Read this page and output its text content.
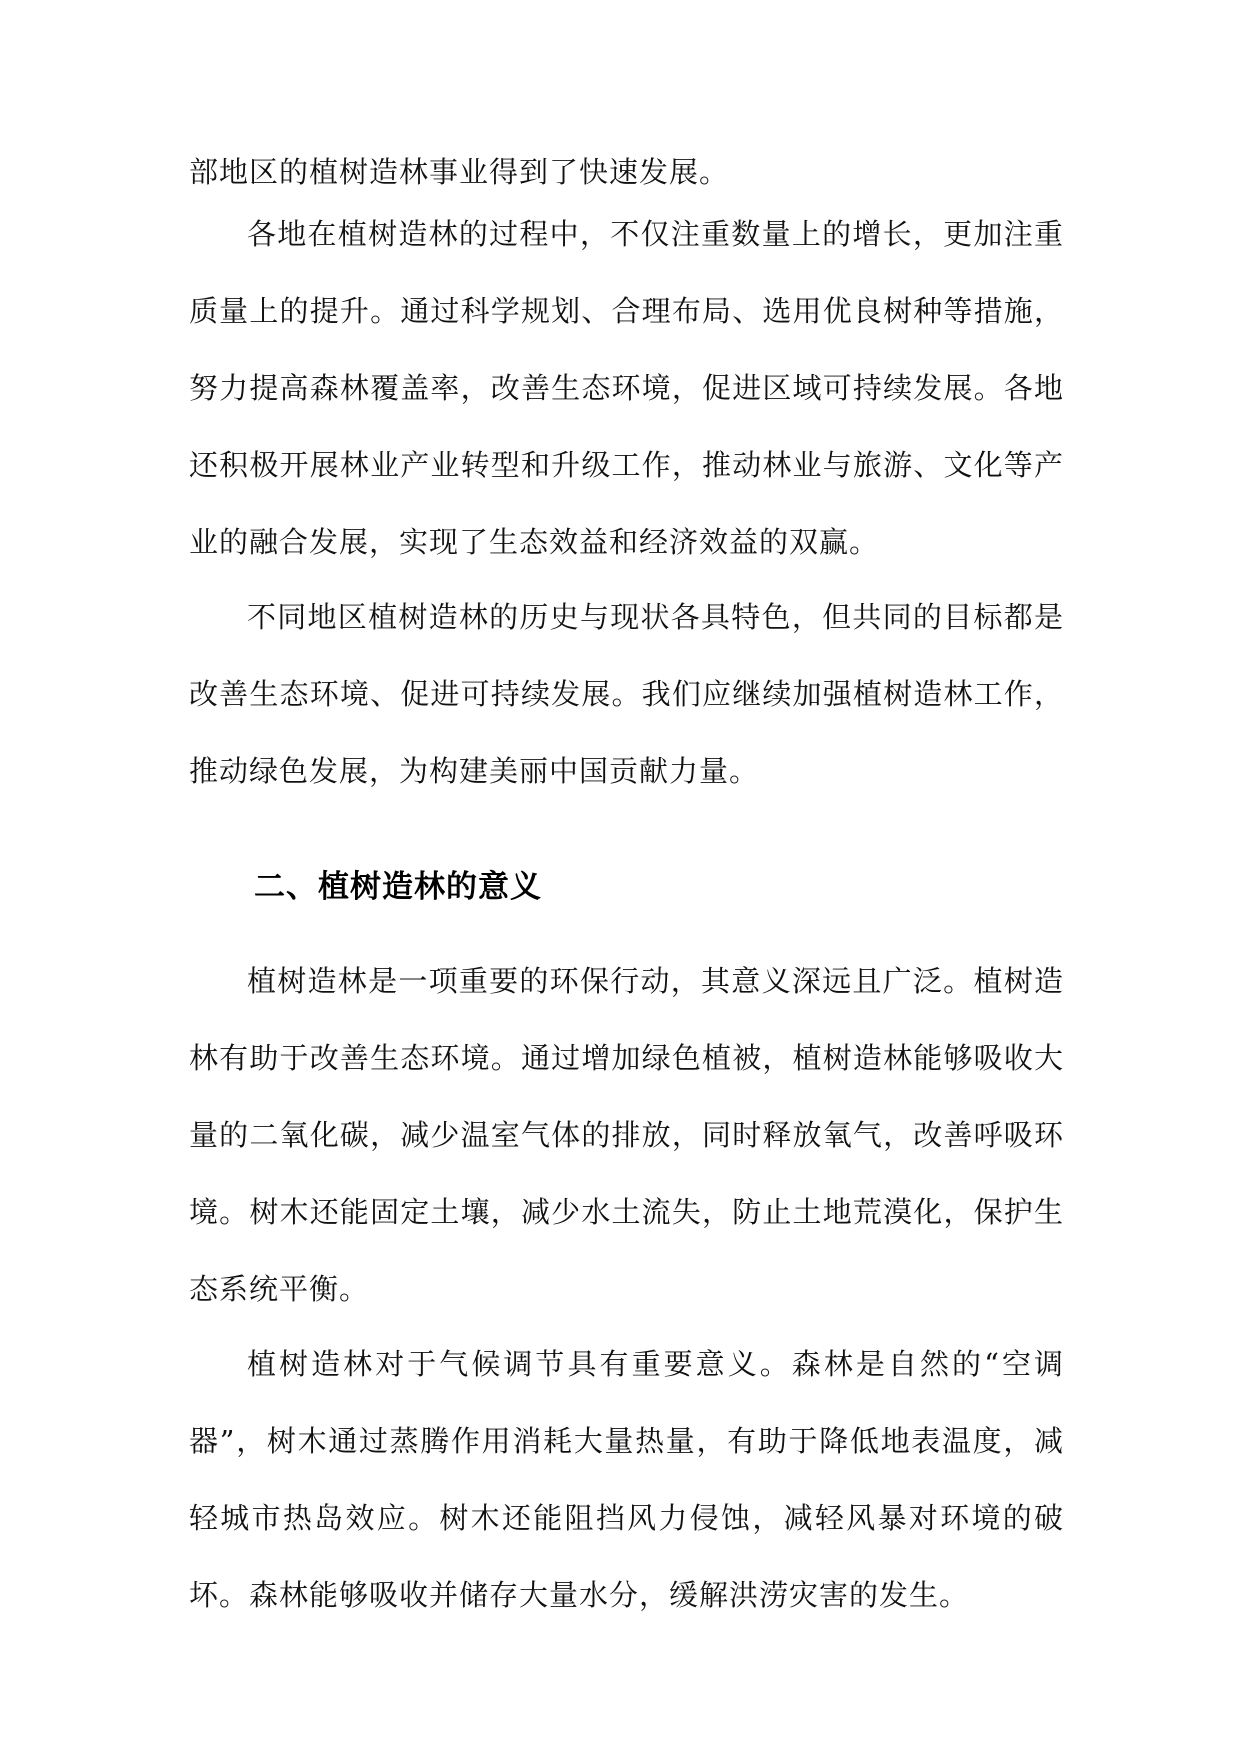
部地区的植树造林事业得到了快速发展。

各地在植树造林的过程中，不仅注重数量上的增长，更加注重质量上的提升。通过科学规划、合理布局、选用优良树种等措施，努力提高森林覆盖率，改善生态环境，促进区域可持续发展。各地还积极开展林业产业转型和升级工作，推动林业与旅游、文化等产业的融合发展，实现了生态效益和经济效益的双赢。

不同地区植树造林的历史与现状各具特色，但共同的目标都是改善生态环境、促进可持续发展。我们应继续加强植树造林工作，推动绿色发展，为构建美丽中国贡献力量。

二、植树造林的意义

植树造林是一项重要的环保行动，其意义深远且广泛。植树造林有助于改善生态环境。通过增加绿色植被，植树造林能够吸收大量的二氧化碳，减少温室气体的排放，同时释放氧气，改善呼吸环境。树木还能固定土壤，减少水土流失，防止土地荒漠化，保护生态系统平衡。

植树造林对于气候调节具有重要意义。森林是自然的“空调器”，树木通过蒸腾作用消耗大量热量，有助于降低地表温度，减轻城市热岛效应。树木还能阻挡风力侵蚀，减轻风暴对环境的破坏。森林能够吸收并储存大量水分，缓解洪涝灾害的发生。
